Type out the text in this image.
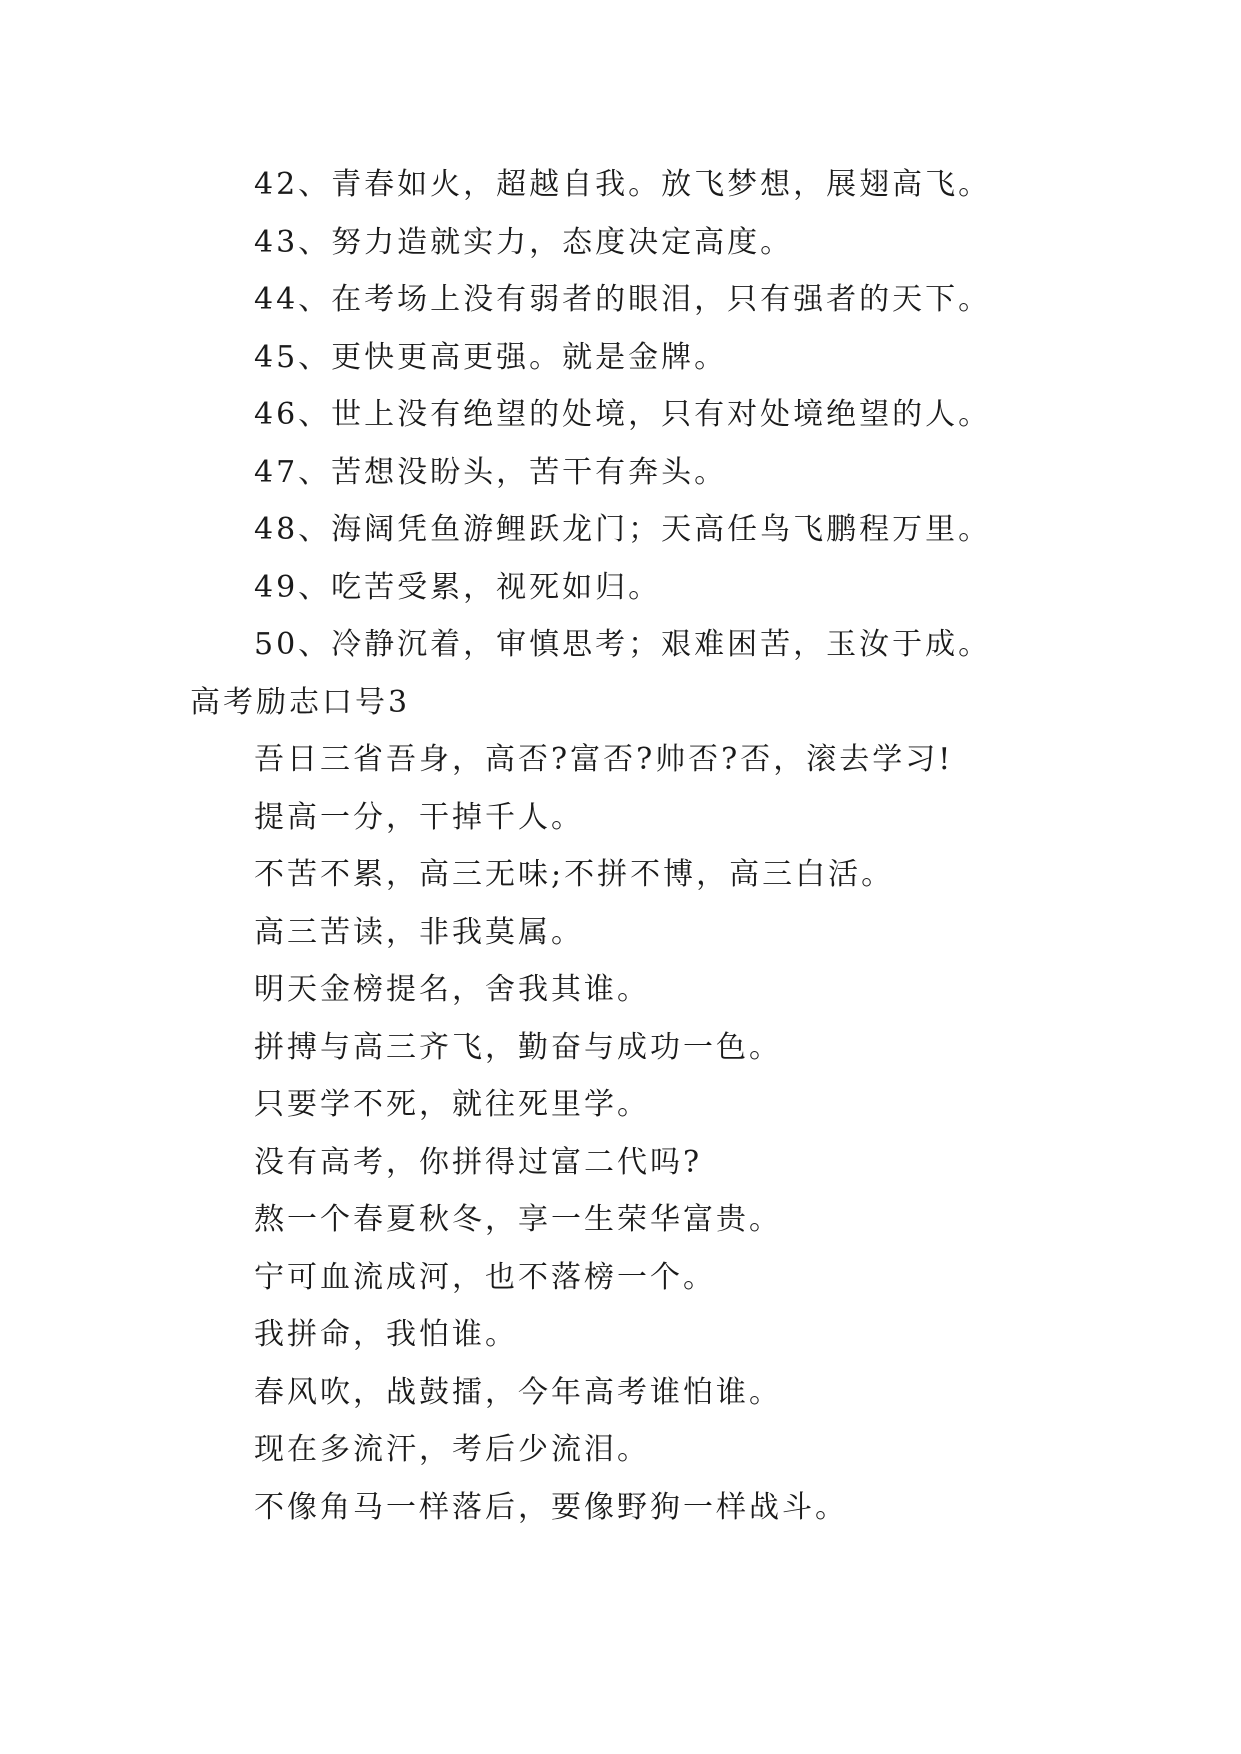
42、青春如火，超越自我。放飞梦想，展翅高飞。
43、努力造就实力，态度决定高度。
44、在考场上没有弱者的眼泪，只有强者的天下。
45、更快更高更强。就是金牌。
46、世上没有绝望的处境，只有对处境绝望的人。
47、苦想没盼头，苦干有奔头。
48、海阔凭鱼游鲤跃龙门；天高任鸟飞鹏程万里。
49、吃苦受累，视死如归。
50、冷静沉着，审慎思考；艰难困苦，玉汝于成。
高考励志口号3
吾日三省吾身，高否?富否?帅否?否，滚去学习!
提高一分，干掉千人。
不苦不累，高三无味;不拼不博，高三白活。
高三苦读，非我莫属。
明天金榜提名，舍我其谁。
拼搏与高三齐飞，勤奋与成功一色。
只要学不死，就往死里学。
没有高考，你拼得过富二代吗?
熬一个春夏秋冬，享一生荣华富贵。
宁可血流成河，也不落榜一个。
我拼命，我怕谁。
春风吹，战鼓擂，今年高考谁怕谁。
现在多流汗，考后少流泪。
不像角马一样落后，要像野狗一样战斗。
